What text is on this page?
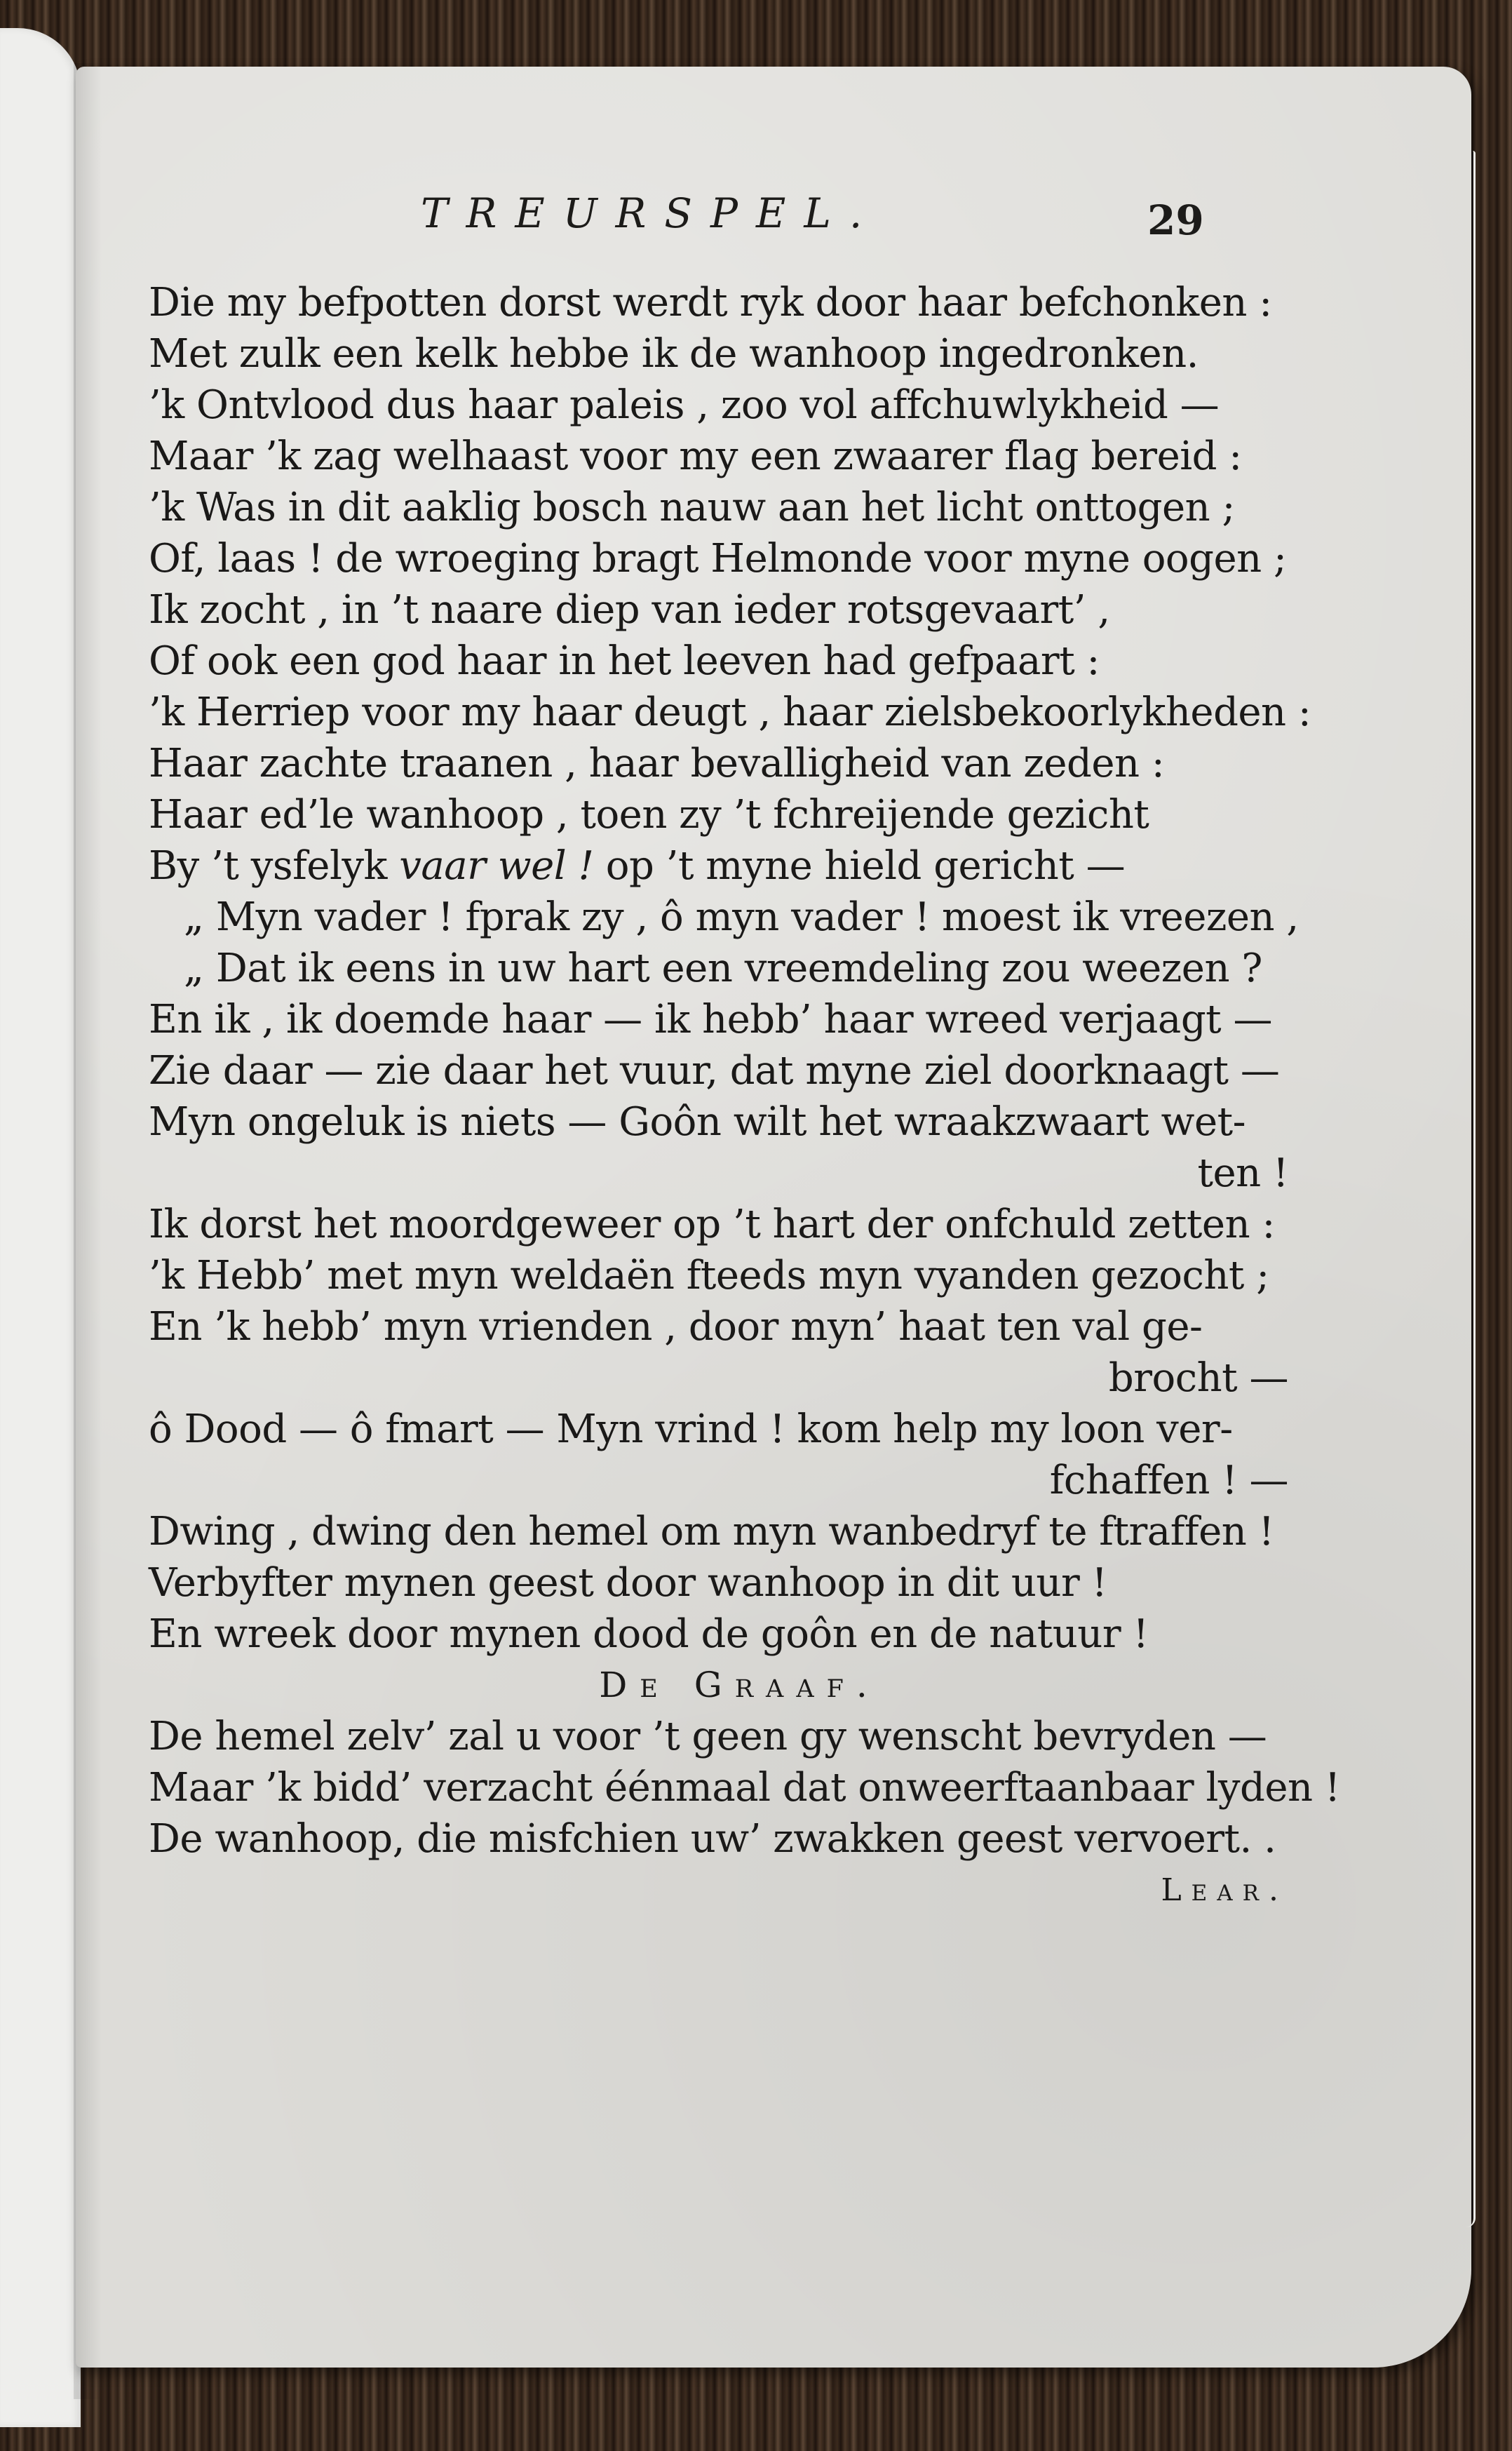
TREURSPEL.	29
Die my befpotten dorst werdt ryk door haar befchonken :
Met zulk een kelk hebbe ik de wanhoop ingedronken.
’k Ontvlood dus haar paleis , zoo vol affchuwlykheid —
Maar ’k zag welhaast voor my een zwaarer flag bereid :
’k Was in dit aaklig bosch nauw aan het licht onttogen ;
Of, laas ! de wroeging bragt Helmonde voor myne oogen ;
Ik zocht , in ’t naare diep van ieder rotsgevaart’ ,
Of ook een god haar in het leeven had gefpaart :
’k Herriep voor my haar deugt , haar zielsbekoorlykheden :
Haar zachte traanen , haar bevalligheid van zeden :
Haar ed’le wanhoop , toen zy ’t fchreijende gezicht
By ’t ysfelyk vaar wel ! op ’t myne hield gericht —
„ Myn vader ! fprak zy , ô myn vader ! moest ik vreezen ,
„ Dat ik eens in uw hart een vreemdeling zou weezen ?
En ik , ik doemde haar — ik hebb’ haar wreed verjaagt —
Zie daar — zie daar het vuur, dat myne ziel doorknaagt —
Myn ongeluk is niets — Goôn wilt het wraakzwaart wet-
ten !
Ik dorst het moordgeweer op ’t hart der onfchuld zetten :
’k Hebb’ met myn weldaën fteeds myn vyanden gezocht ;
En ’k hebb’ myn vrienden , door myn’ haat ten val ge-
brocht —
ô Dood — ô fmart — Myn vrind ! kom help my loon ver-
fchaffen ! —
Dwing , dwing den hemel om myn wanbedryf te ftraffen !
Verbyfter mynen geest door wanhoop in dit uur !
En wreek door mynen dood de goôn en de natuur !
De Graaf.
De hemel zelv’ zal u voor ’t geen gy wenscht bevryden —
Maar ’k bidd’ verzacht éénmaal dat onweerftaanbaar lyden !
De wanhoop, die misfchien uw’ zwakken geest vervoert. .
Lear.
